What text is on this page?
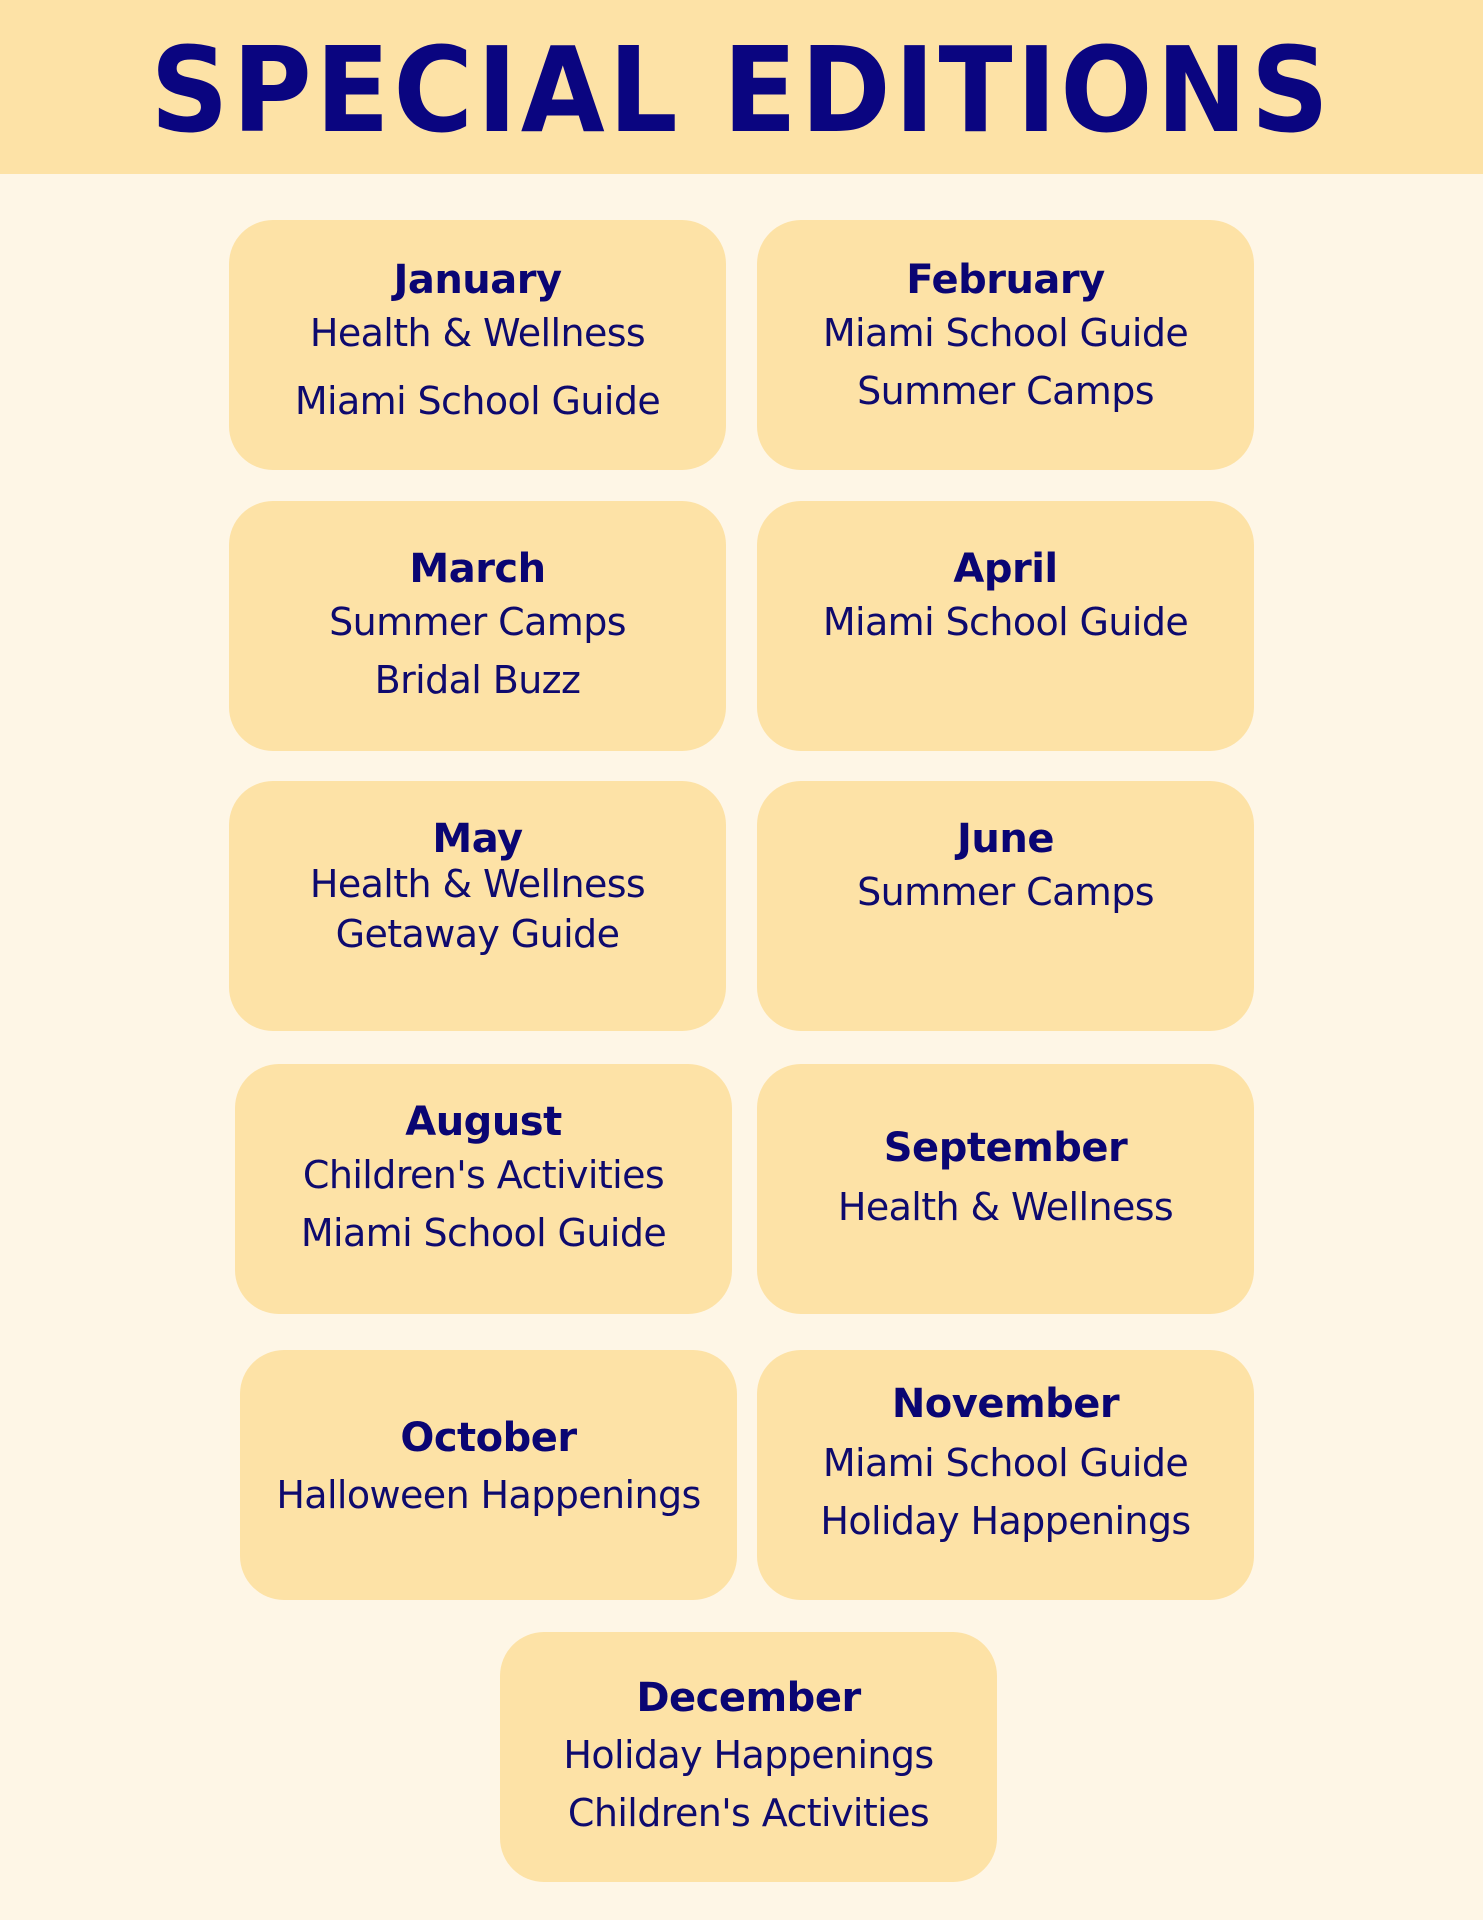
SPECIAL EDITIONS
January
Health & Wellness
Miami School Guide
February
Miami School Guide
Summer Camps
March
Summer Camps
Bridal Buzz
April
Miami School Guide
May
Health & Wellness
Getaway Guide
June
Summer Camps
August
Children's Activities
Miami School Guide
September
Health & Wellness
October
Halloween Happenings
November
Miami School Guide
Holiday Happenings
December
Holiday Happenings
Children's Activities
